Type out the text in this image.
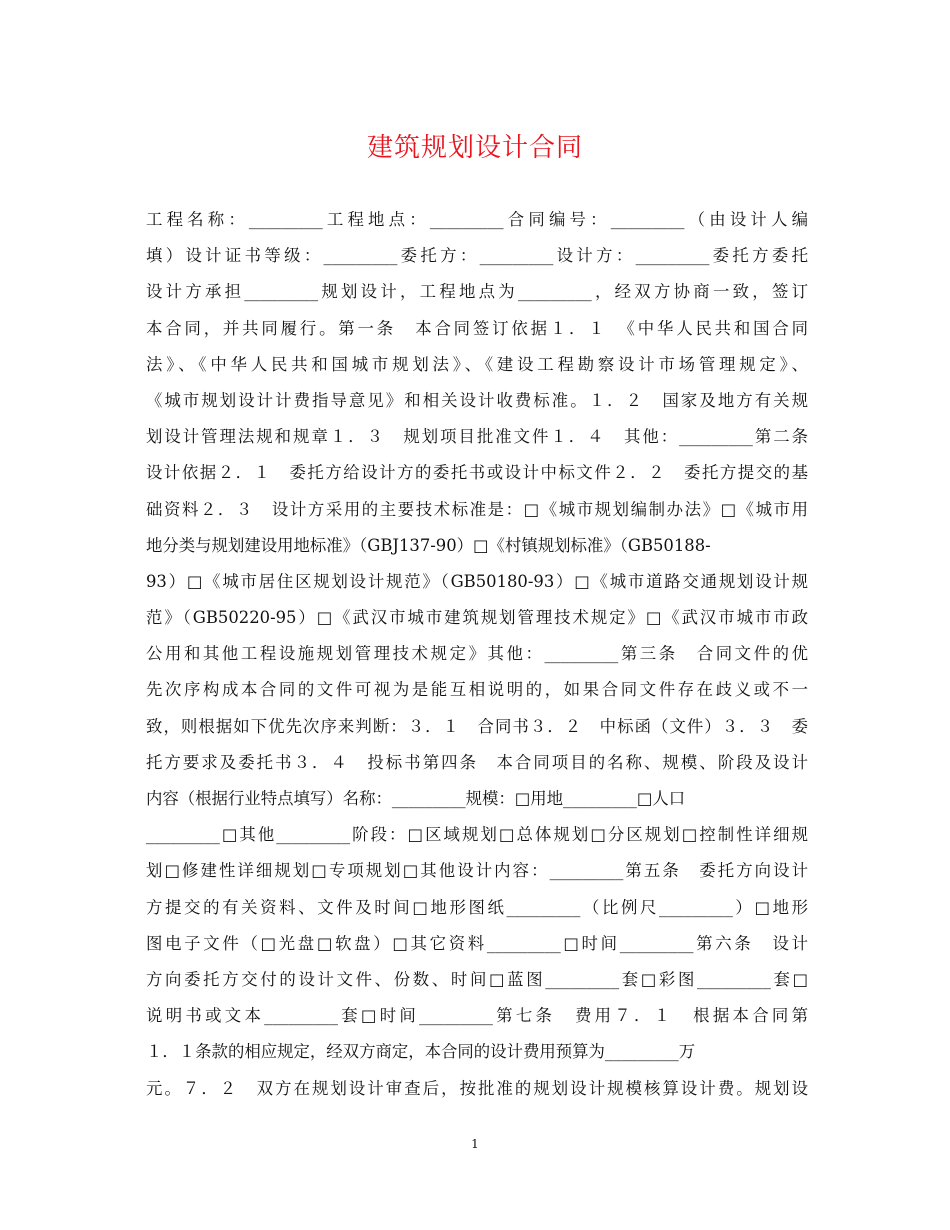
建筑规划设计合同
工程名称：_________工程地点：_________合同编号：_________（由设计人编
填）设计证书等级：_________委托方：_________设计方：_________委托方委托
设计方承担_________规划设计，工程地点为_________，经双方协商一致，签订
本合同，并共同履行。第一条　本合同签订依据１．１　《中华人民共和国合同
法》、《中华人民共和国城市规划法》、《建设工程勘察设计市场管理规定》、
《城市规划设计计费指导意见》和相关设计收费标准。１．２　国家及地方有关规
划设计管理法规和规章１．３　规划项目批准文件１．４　其他：_________第二条
设计依据２．１　委托方给设计方的委托书或设计中标文件２．２　委托方提交的基
础资料２．３　设计方采用的主要技术标准是：□《城市规划编制办法》□《城市用
地分类与规划建设用地标准》（GBJ137-90）□《村镇规划标准》（GB50188-
93）□《城市居住区规划设计规范》（GB50180-93）□《城市道路交通规划设计规
范》（GB50220-95）□《武汉市城市建筑规划管理技术规定》□《武汉市城市市政
公用和其他工程设施规划管理技术规定》其他：_________第三条　合同文件的优
先次序构成本合同的文件可视为是能互相说明的，如果合同文件存在歧义或不一
致，则根据如下优先次序来判断：３．１　合同书３．２　中标函（文件）３．３　委
托方要求及委托书３．４　投标书第四条　本合同项目的名称、规模、阶段及设计
内容（根据行业特点填写）名称：_________规模：□用地_________□人口
_________□其他_________阶段：□区域规划□总体规划□分区规划□控制性详细规
划□修建性详细规划□专项规划□其他设计内容：_________第五条　委托方向设计
方提交的有关资料、文件及时间□地形图纸_________（比例尺_________）□地形
图电子文件（□光盘□软盘）□其它资料_________□时间_________第六条　设计
方向委托方交付的设计文件、份数、时间□蓝图_________套□彩图_________套□
说明书或文本_________套□时间_________第七条　费用７．１　根据本合同第
１．１条款的相应规定，经双方商定，本合同的设计费用预算为_________万
元。７．２　双方在规划设计审查后，按批准的规划设计规模核算设计费。规划设
1
